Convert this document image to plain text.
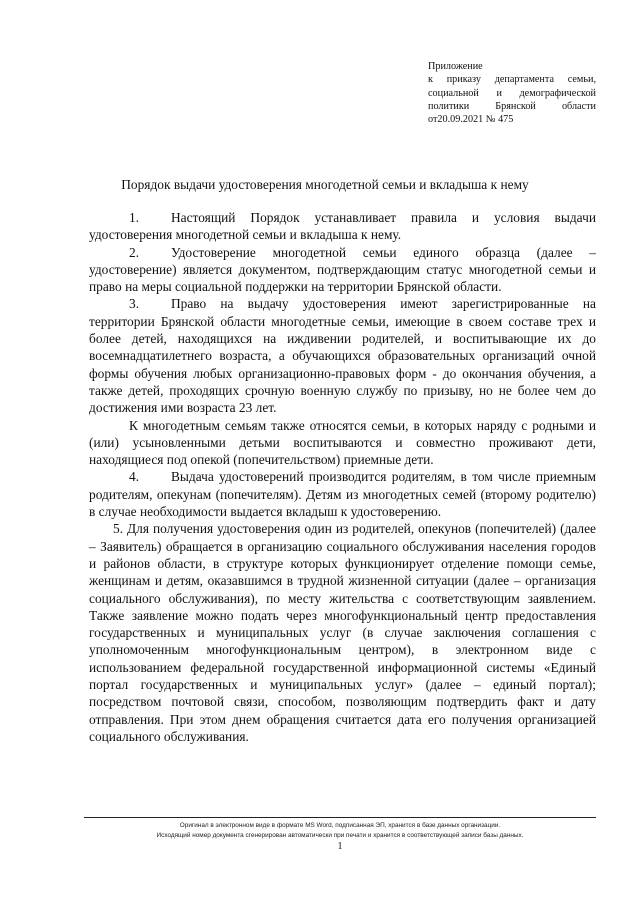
Приложение
к приказу департамента семьи,
социальной и демографической
политики Брянской области
от20.09.2021 № 475
Порядок выдачи удостоверения многодетной семьи и вкладыша к нему

1. Настоящий Порядок устанавливает правила и условия выдачи удостоверения многодетной семьи и вкладыша к нему.

2. Удостоверение многодетной семьи единого образца (далее – удостоверение) является документом, подтверждающим статус многодетной семьи и право на меры социальной поддержки на территории Брянской области.

3. Право на выдачу удостоверения имеют зарегистрированные на территории Брянской области многодетные семьи, имеющие в своем составе трех и более детей, находящихся на иждивении родителей, и воспитывающие их до восемнадцатилетнего возраста, а обучающихся образовательных организаций очной формы обучения любых организационно-правовых форм - до окончания обучения, а также детей, проходящих срочную военную службу по призыву, но не более чем до достижения ими возраста 23 лет.

К многодетным семьям также относятся семьи, в которых наряду с родными и (или) усыновленными детьми воспитываются и совместно проживают дети, находящиеся под опекой (попечительством) приемные дети.

4. Выдача удостоверений производится родителям, в том числе приемным родителям, опекунам (попечителям). Детям из многодетных семей (второму родителю) в случае необходимости выдается вкладыш к удостоверению.

5. Для получения удостоверения один из родителей, опекунов (попечителей) (далее – Заявитель) обращается в организацию социального обслуживания населения городов и районов области, в структуре которых функционирует отделение помощи семье, женщинам и детям, оказавшимся в трудной жизненной ситуации (далее – организация социального обслуживания), по месту жительства с соответствующим заявлением. Также заявление можно подать через многофункциональный центр предоставления государственных и муниципальных услуг (в случае заключения соглашения с уполномоченным многофункциональным центром), в электронном виде с использованием федеральной государственной информационной системы «Единый портал государственных и муниципальных услуг» (далее – единый портал); посредством почтовой связи, способом, позволяющим подтвердить факт и дату отправления. При этом днем обращения считается дата его получения организацией социального обслуживания.

Оригинал в электронном виде в формате MS Word, подписанная ЭП, хранится в базе данных организации.
Исходящий номер документа сгенерирован автоматически при печати и хранится в соответствующей записи базы данных.
1
